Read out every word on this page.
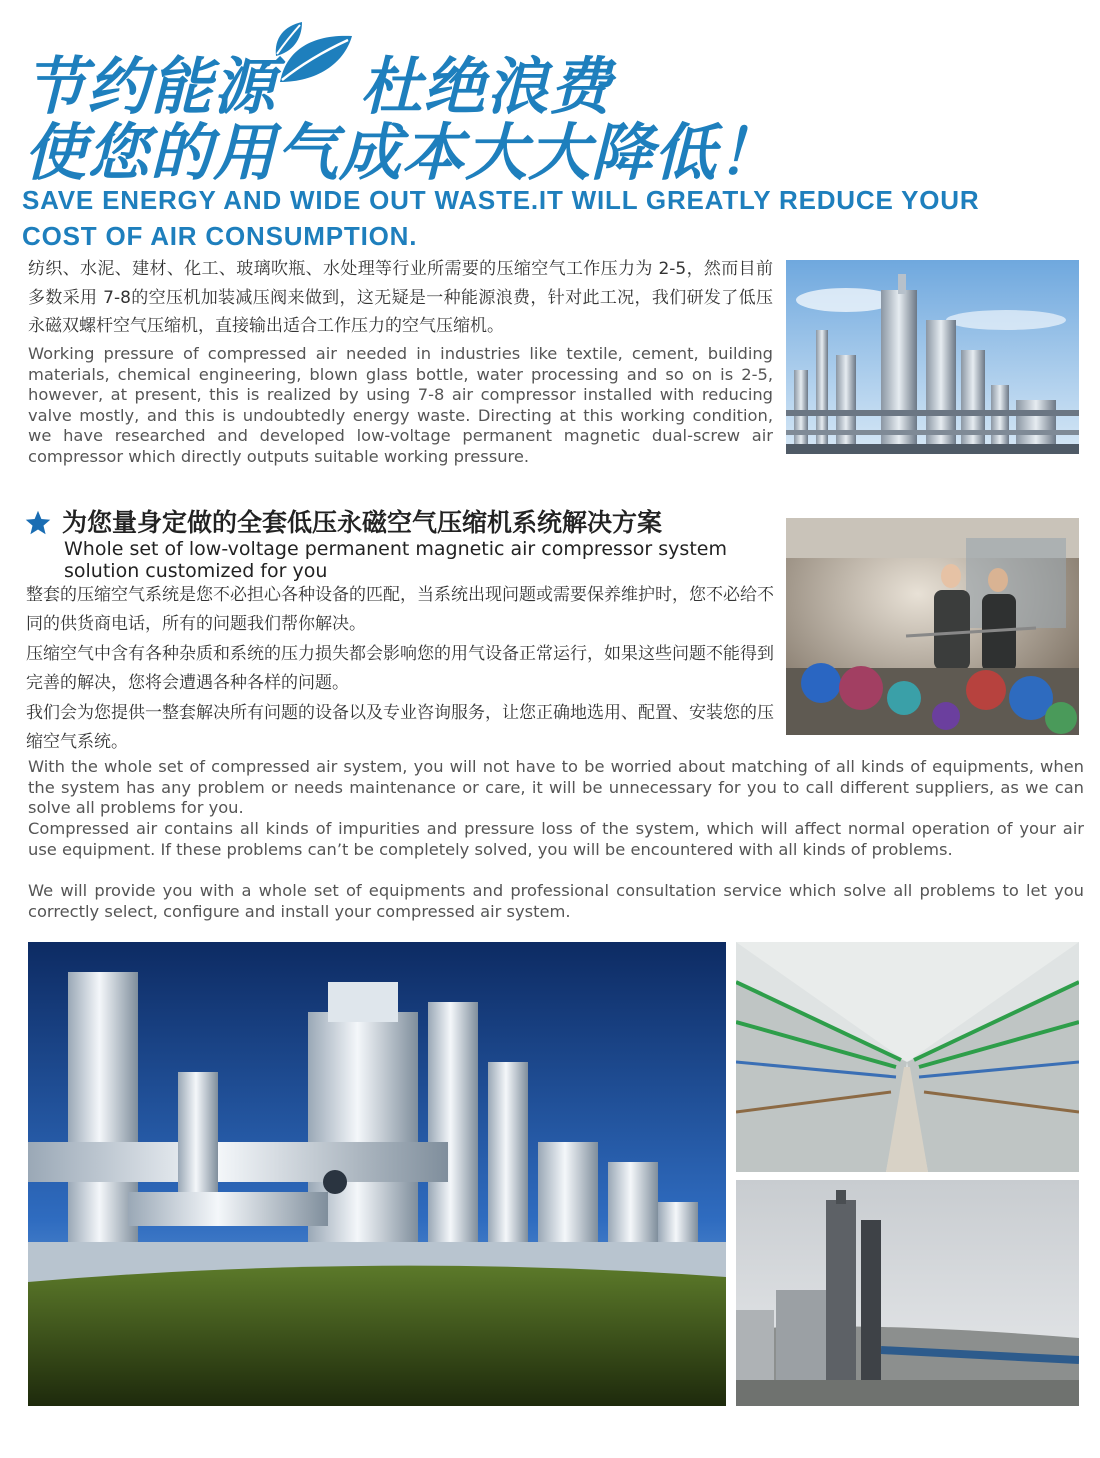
节约能源 杜绝浪费
使您的用气成本大大降低！
SAVE ENERGY AND WIDE OUT WASTE.IT WILL GREATLY REDUCE YOUR
COST OF AIR CONSUMPTION.

纺织、水泥、建材、化工、玻璃吹瓶、水处理等行业所需要的压缩空气工作压力为 2-5，然而目前多数采用 7-8的空压机加装减压阀来做到，这无疑是一种能源浪费，针对此工况，我们研发了低压永磁双螺杆空气压缩机，直接输出适合工作压力的空气压缩机。

Working pressure of compressed air needed in industries like textile, cement, building materials, chemical engineering, blown glass bottle, water processing and so on is 2-5, however, at present, this is realized by using 7-8 air compressor installed with reducing valve mostly, and this is undoubtedly energy waste. Directing at this working condition, we have researched and developed low-voltage permanent magnetic dual-screw air compressor which directly outputs suitable working pressure.

为您量身定做的全套低压永磁空气压缩机系统解决方案
Whole set of low-voltage permanent magnetic air compressor system solution customized for you

整套的压缩空气系统是您不必担心各种设备的匹配，当系统出现问题或需要保养维护时，您不必给不同的供货商电话，所有的问题我们帮你解决。

压缩空气中含有各种杂质和系统的压力损失都会影响您的用气设备正常运行，如果这些问题不能得到完善的解决，您将会遭遇各种各样的问题。

我们会为您提供一整套解决所有问题的设备以及专业咨询服务，让您正确地选用、配置、安装您的压缩空气系统。

With the whole set of compressed air system, you will not have to be worried about matching of all kinds of equipments, when the system has any problem or needs maintenance or care, it will be unnecessary for you to call different suppliers, as we can solve all problems for you.

Compressed air contains all kinds of impurities and pressure loss of the system, which will affect normal operation of your air use equipment. If these problems can’t be completely solved, you will be encountered with all kinds of problems.

We will provide you with a whole set of equipments and professional consultation service which solve all problems to let you correctly select, configure and install your compressed air system.
